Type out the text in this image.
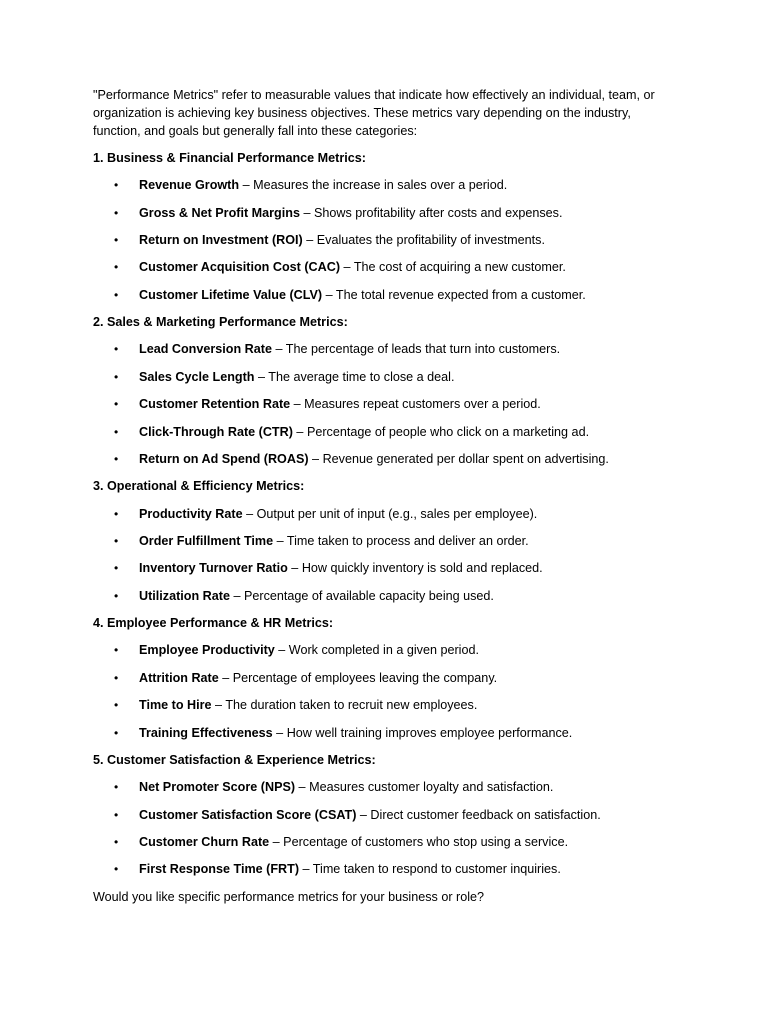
"Performance Metrics" refer to measurable values that indicate how effectively an individual, team, or organization is achieving key business objectives. These metrics vary depending on the industry, function, and goals but generally fall into these categories:

1. Business & Financial Performance Metrics:

• Revenue Growth – Measures the increase in sales over a period.
• Gross & Net Profit Margins – Shows profitability after costs and expenses.
• Return on Investment (ROI) – Evaluates the profitability of investments.
• Customer Acquisition Cost (CAC) – The cost of acquiring a new customer.
• Customer Lifetime Value (CLV) – The total revenue expected from a customer.

2. Sales & Marketing Performance Metrics:

• Lead Conversion Rate – The percentage of leads that turn into customers.
• Sales Cycle Length – The average time to close a deal.
• Customer Retention Rate – Measures repeat customers over a period.
• Click-Through Rate (CTR) – Percentage of people who click on a marketing ad.
• Return on Ad Spend (ROAS) – Revenue generated per dollar spent on advertising.

3. Operational & Efficiency Metrics:

• Productivity Rate – Output per unit of input (e.g., sales per employee).
• Order Fulfillment Time – Time taken to process and deliver an order.
• Inventory Turnover Ratio – How quickly inventory is sold and replaced.
• Utilization Rate – Percentage of available capacity being used.

4. Employee Performance & HR Metrics:

• Employee Productivity – Work completed in a given period.
• Attrition Rate – Percentage of employees leaving the company.
• Time to Hire – The duration taken to recruit new employees.
• Training Effectiveness – How well training improves employee performance.

5. Customer Satisfaction & Experience Metrics:

• Net Promoter Score (NPS) – Measures customer loyalty and satisfaction.
• Customer Satisfaction Score (CSAT) – Direct customer feedback on satisfaction.
• Customer Churn Rate – Percentage of customers who stop using a service.
• First Response Time (FRT) – Time taken to respond to customer inquiries.

Would you like specific performance metrics for your business or role?
